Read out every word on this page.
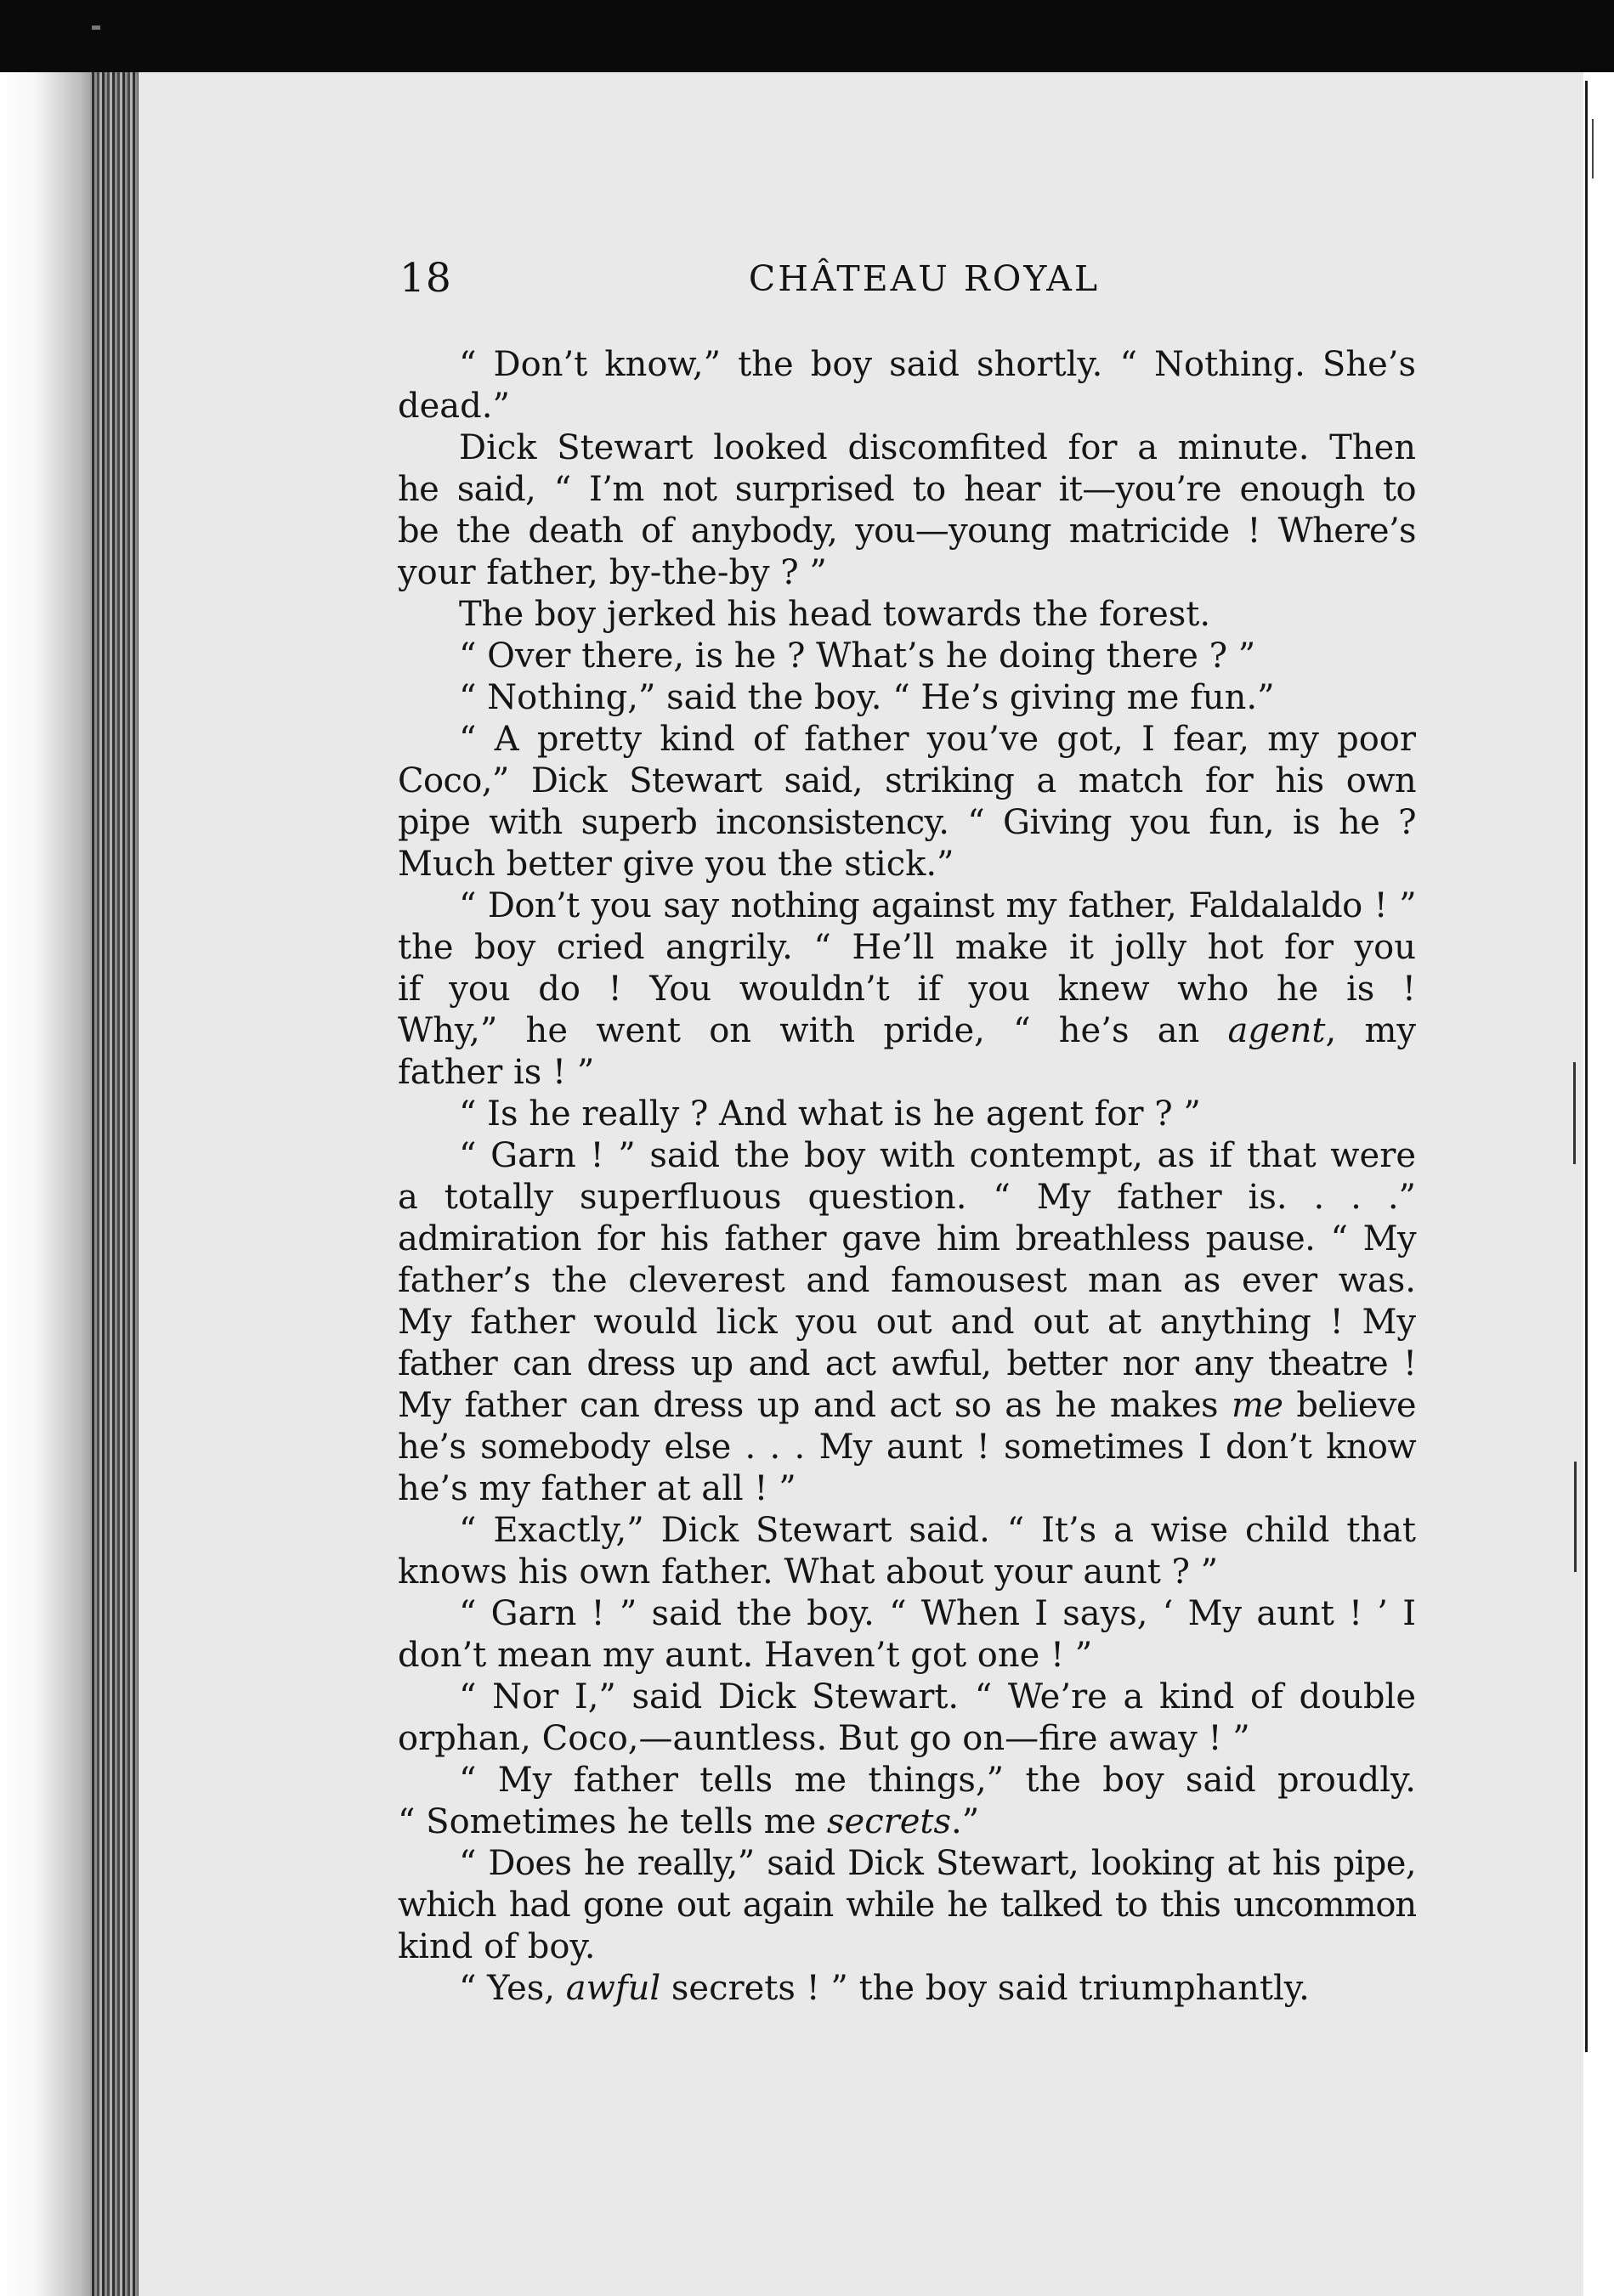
18	CHÂTEAU ROYAL

“ Don’t know,” the boy said shortly. “ Nothing. She’s
dead.”

Dick Stewart looked discomfited for a minute. Then
he said, “ I’m not surprised to hear it—you’re enough to
be the death of anybody, you—young matricide ! Where’s
your father, by-the-by ? ”

The boy jerked his head towards the forest.

“ Over there, is he ? What’s he doing there ? ”

“ Nothing,” said the boy. “ He’s giving me fun.”

“ A pretty kind of father you’ve got, I fear, my poor
Coco,” Dick Stewart said, striking a match for his own
pipe with superb inconsistency. “ Giving you fun, is he ?
Much better give you the stick.”

“ Don’t you say nothing against my father, Faldalaldo ! ”
the boy cried angrily. “ He’ll make it jolly hot for you
if you do ! You wouldn’t if you knew who he is !
Why,” he went on with pride, “ he’s an agent, my
father is ! ”

“ Is he really ? And what is he agent for ? ”

“ Garn ! ” said the boy with contempt, as if that were
a totally superfluous question. “ My father is. . . .”
admiration for his father gave him breathless pause. “ My
father’s the cleverest and famousest man as ever was.
My father would lick you out and out at anything ! My
father can dress up and act awful, better nor any theatre !
My father can dress up and act so as he makes me believe
he’s somebody else . . . My aunt ! sometimes I don’t know
he’s my father at all ! ”

“ Exactly,” Dick Stewart said. “ It’s a wise child that
knows his own father. What about your aunt ? ”

“ Garn ! ” said the boy. “ When I says, ‘ My aunt ! ’ I
don’t mean my aunt. Haven’t got one ! ”

“ Nor I,” said Dick Stewart. “ We’re a kind of double
orphan, Coco,—auntless. But go on—fire away ! ”

“ My father tells me things,” the boy said proudly.
“ Sometimes he tells me secrets.”

“ Does he really,” said Dick Stewart, looking at his pipe,
which had gone out again while he talked to this uncommon
kind of boy.

“ Yes, awful secrets ! ” the boy said triumphantly.
